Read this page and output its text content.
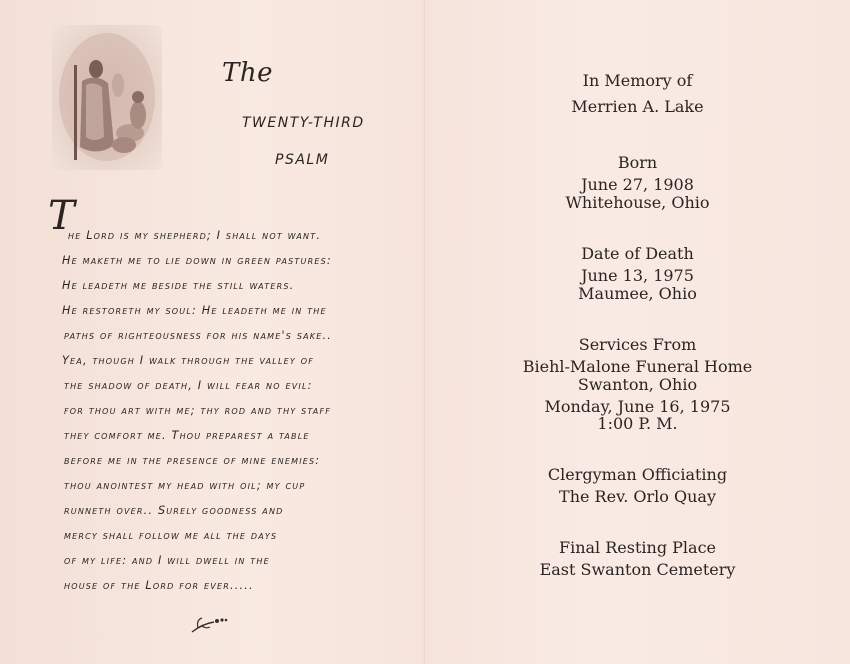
The
TWENTY-THIRD
PSALM
T
he Lord is my shepherd; I shall not want.
He maketh me to lie down in green pastures:
He leadeth me beside the still waters.
He restoreth my soul: He leadeth me in the
paths of righteousness for his name's sake..
Yea, though I walk through the valley of
the shadow of death, I will fear no evil:
for thou art with me; thy rod and thy staff
they comfort me. Thou preparest a table
before me in the presence of mine enemies:
thou anointest my head with oil; my cup
runneth over.. Surely goodness and
mercy shall follow me all the days
of my life: and I will dwell in the
house of the Lord for ever.....
In Memory of
Merrien A. Lake
Born
June 27, 1908
Whitehouse, Ohio
Date of Death
June 13, 1975
Maumee, Ohio
Services From
Biehl-Malone Funeral Home
Swanton, Ohio
Monday, June 16, 1975
1:00 P. M.
Clergyman Officiating
The Rev. Orlo Quay
Final Resting Place
East Swanton Cemetery
